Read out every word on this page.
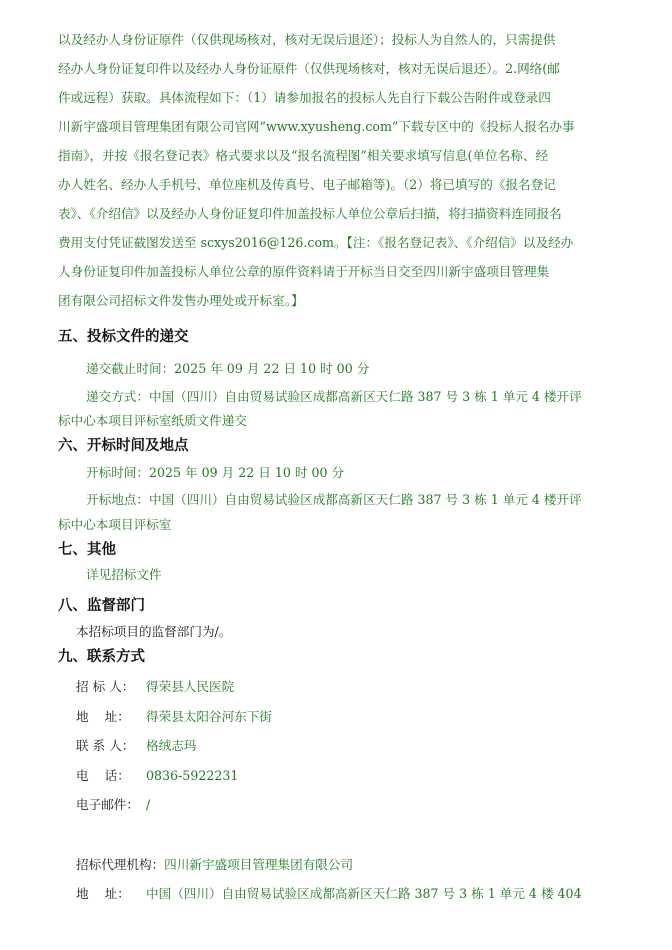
以及经办人身份证原件（仅供现场核对，核对无误后退还）；投标人为自然人的，只需提供
经办人身份证复印件以及经办人身份证原件（仅供现场核对，核对无误后退还）。2.网络(邮
件或远程）获取。具体流程如下：（1）请参加报名的投标人先自行下载公告附件或登录四
川新宇盛项目管理集团有限公司官网“www.xyusheng.com”下载专区中的《投标人报名办事
指南》，并按《报名登记表》格式要求以及“报名流程图”相关要求填写信息(单位名称、经
办人姓名、经办人手机号、单位座机及传真号、电子邮箱等)。（2）将已填写的《报名登记
表》、《介绍信》以及经办人身份证复印件加盖投标人单位公章后扫描，将扫描资料连同报名
费用支付凭证截图发送至 scxys2016@126.com。【注：《报名登记表》、《介绍信》以及经办
人身份证复印件加盖投标人单位公章的原件资料请于开标当日交至四川新宇盛项目管理集
团有限公司招标文件发售办理处或开标室。】
五、投标文件的递交
递交截止时间：2025 年 09 月 22 日 10 时 00 分
递交方式：中国（四川）自由贸易试验区成都高新区天仁路 387 号 3 栋 1 单元 4 楼开评
标中心本项目评标室纸质文件递交
六、开标时间及地点
开标时间：2025 年 09 月 22 日 10 时 00 分
开标地点：中国（四川）自由贸易试验区成都高新区天仁路 387 号 3 栋 1 单元 4 楼开评
标中心本项目评标室
七、其他
详见招标文件
八、监督部门
本招标项目的监督部门为/。
九、联系方式
招 标 人： 得荣县人民医院
地    址： 得荣县太阳谷河东下街
联 系 人： 格绒志玛
电    话： 0836-5922231
电子邮件： /
招标代理机构：四川新宇盛项目管理集团有限公司
地    址： 中国（四川）自由贸易试验区成都高新区天仁路 387 号 3 栋 1 单元 4 楼 404
